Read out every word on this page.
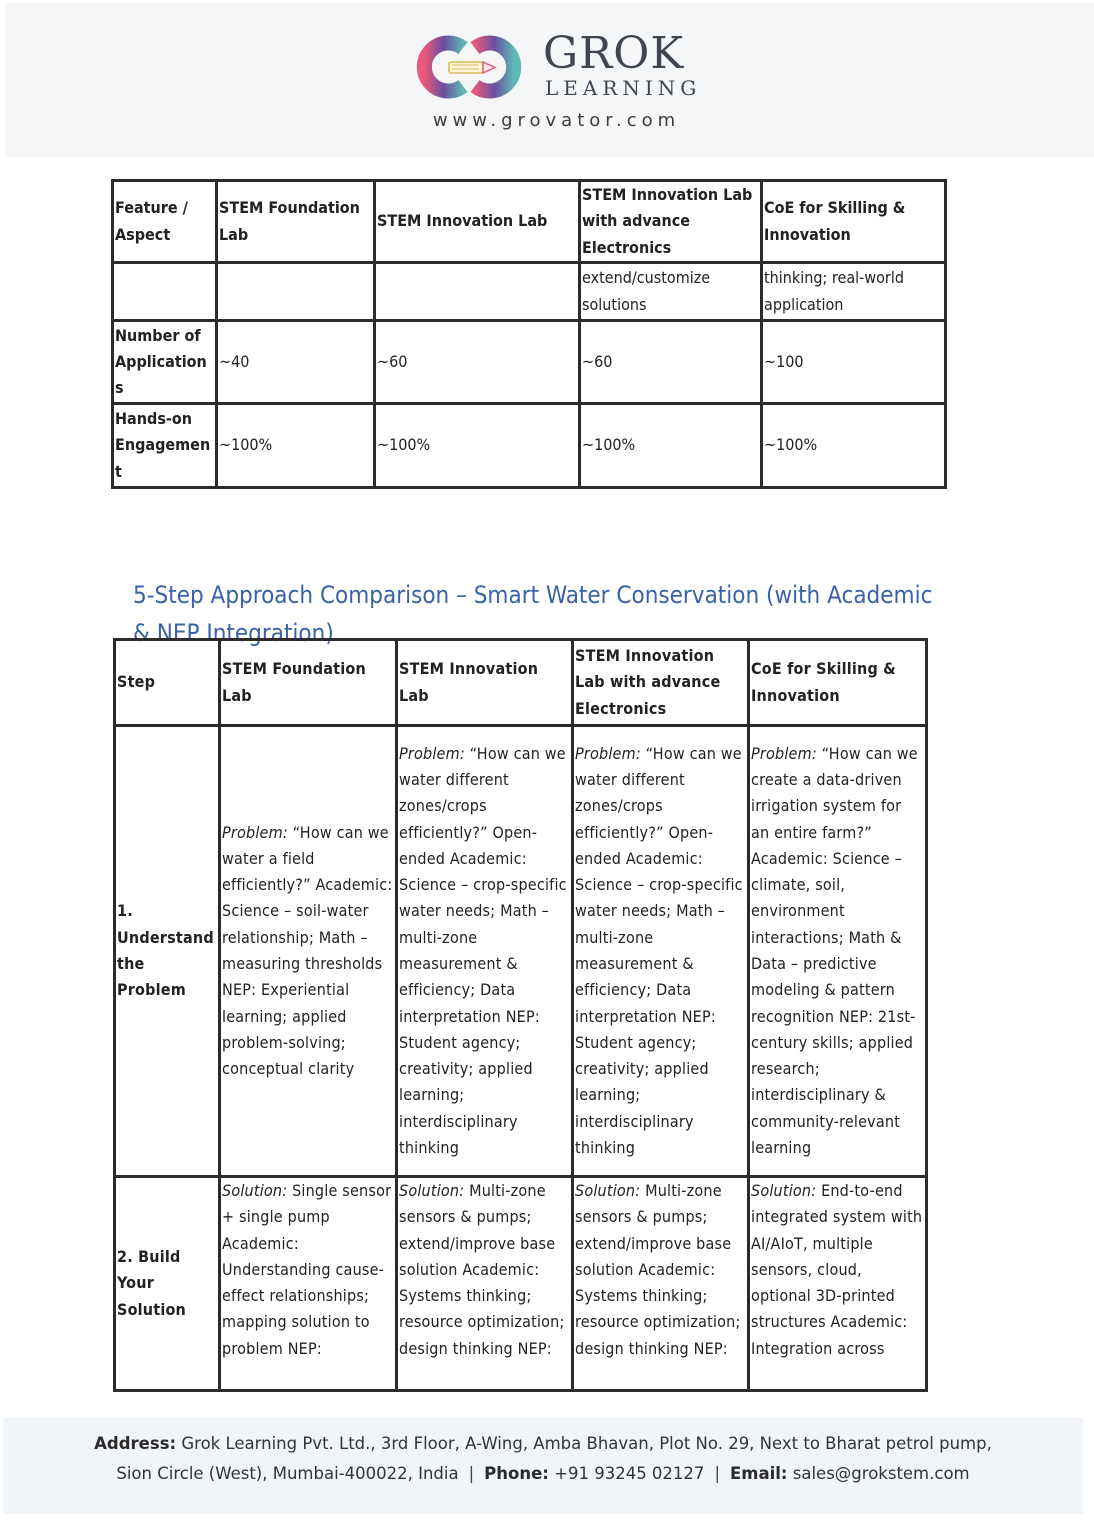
GROK
LEARNING
www.grovator.com
Feature / Aspect	STEM Foundation Lab	STEM Innovation Lab	STEM Innovation Lab with advance Electronics	CoE for Skilling & Innovation
			extend/customize solutions	thinking; real-world application
Number of Applications	~40	~60	~60	~100
Hands-on Engagement	~100%	~100%	~100%	~100%
5-Step Approach Comparison – Smart Water Conservation (with Academic & NEP Integration)
Step	STEM Foundation Lab	STEM Innovation Lab	STEM Innovation Lab with advance Electronics	CoE for Skilling & Innovation
1. Understand the Problem	Problem: “How can we water a field efficiently?” Academic: Science – soil-water relationship; Math – measuring thresholds NEP: Experiential learning; applied problem-solving; conceptual clarity	Problem: “How can we water different zones/crops efficiently?” Open-ended Academic: Science – crop-specific water needs; Math – multi-zone measurement & efficiency; Data interpretation NEP: Student agency; creativity; applied learning; interdisciplinary thinking	Problem: “How can we water different zones/crops efficiently?” Open-ended Academic: Science – crop-specific water needs; Math – multi-zone measurement & efficiency; Data interpretation NEP: Student agency; creativity; applied learning; interdisciplinary thinking	Problem: “How can we create a data-driven irrigation system for an entire farm?” Academic: Science – climate, soil, environment interactions; Math & Data – predictive modeling & pattern recognition NEP: 21st-century skills; applied research; interdisciplinary & community-relevant learning
2. Build Your Solution	Solution: Single sensor + single pump Academic: Understanding cause-effect relationships; mapping solution to problem NEP:	Solution: Multi-zone sensors & pumps; extend/improve base solution Academic: Systems thinking; resource optimization; design thinking NEP:	Solution: Multi-zone sensors & pumps; extend/improve base solution Academic: Systems thinking; resource optimization; design thinking NEP:	Solution: End-to-end integrated system with AI/AIoT, multiple sensors, cloud, optional 3D-printed structures Academic: Integration across
Address: Grok Learning Pvt. Ltd., 3rd Floor, A-Wing, Amba Bhavan, Plot No. 29, Next to Bharat petrol pump,
Sion Circle (West), Mumbai-400022, India | Phone: +91 93245 02127 | Email: sales@grokstem.com
